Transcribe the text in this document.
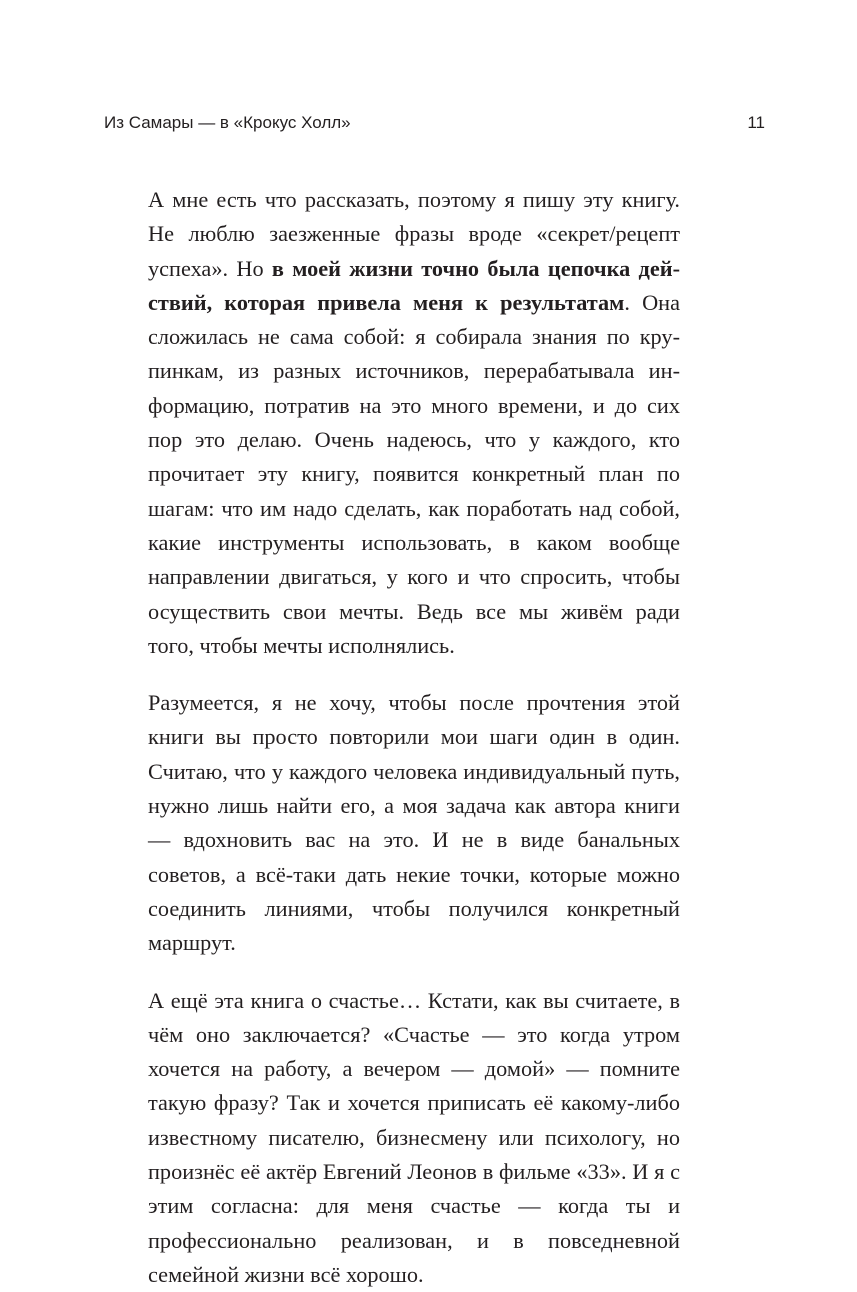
Из Самары — в «Крокус Холл»	11

А мне есть что рассказать, поэтому я пишу эту книгу. Не люблю заезженные фразы вроде «секрет/рецепт успеха». Но в моей жизни точно была цепочка действий, которая привела меня к результатам. Она сложилась не сама собой: я собирала знания по крупинкам, из разных источников, перерабатывала информацию, потратив на это много времени, и до сих пор это делаю. Очень надеюсь, что у каждого, кто прочитает эту книгу, появится конкретный план по шагам: что им надо сделать, как поработать над собой, какие инструменты использовать, в каком вообще направлении двигаться, у кого и что спросить, чтобы осуществить свои мечты. Ведь все мы живём ради того, чтобы мечты исполнялись.

Разумеется, я не хочу, чтобы после прочтения этой книги вы просто повторили мои шаги один в один. Считаю, что у каждого человека индивидуальный путь, нужно лишь найти его, а моя задача как автора книги — вдохновить вас на это. И не в виде банальных советов, а всё-таки дать некие точки, которые можно соединить линиями, чтобы получился конкретный маршрут.

А ещё эта книга о счастье… Кстати, как вы считаете, в чём оно заключается? «Счастье — это когда утром хочется на работу, а вечером — домой» — помните такую фразу? Так и хочется приписать её какому-либо известному писателю, бизнесмену или психологу, но произнёс её актёр Евгений Леонов в фильме «33». И я с этим согласна: для меня счастье — когда ты и профессионально реализован, и в повседневной семейной жизни всё хорошо.
